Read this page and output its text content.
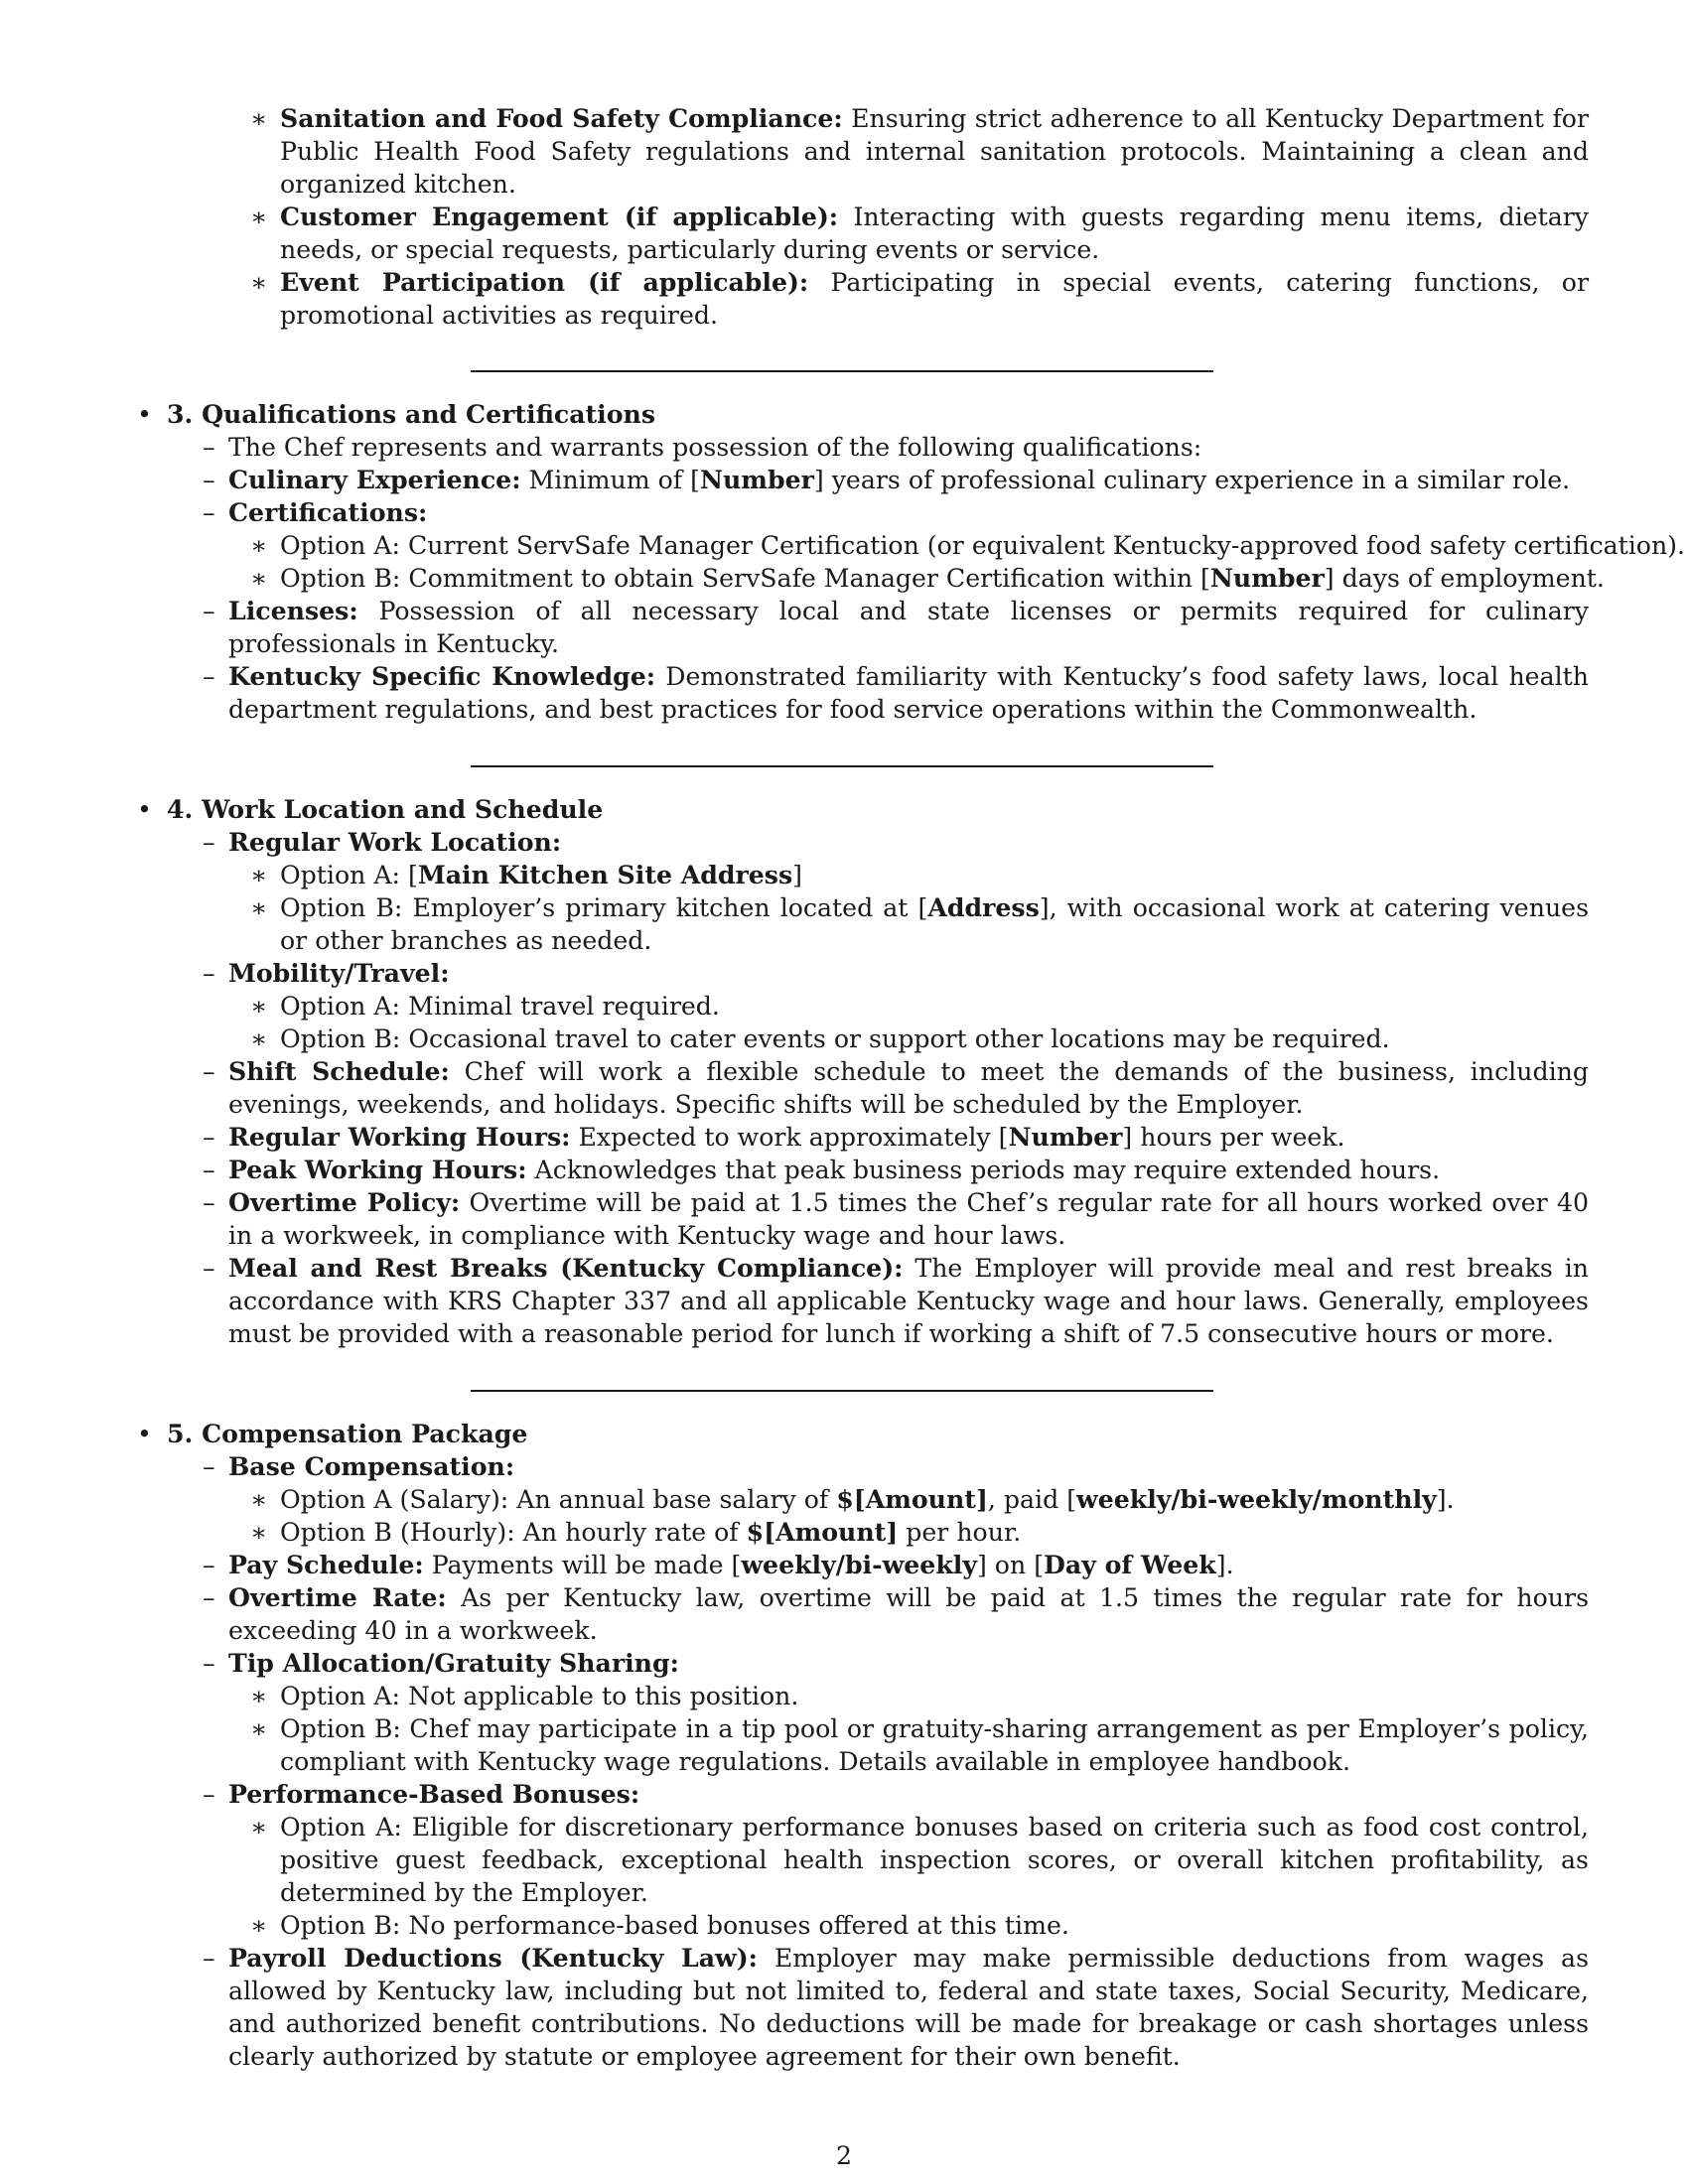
∗ Sanitation and Food Safety Compliance: Ensuring strict adherence to all Kentucky Department for Public Health Food Safety regulations and internal sanitation protocols. Maintaining a clean and organized kitchen.
∗ Customer Engagement (if applicable): Interacting with guests regarding menu items, dietary needs, or special requests, particularly during events or service.
∗ Event Participation (if applicable): Participating in special events, catering functions, or promotional activities as required.
• 3. Qualifications and Certifications
– The Chef represents and warrants possession of the following qualifications:
– Culinary Experience: Minimum of [Number] years of professional culinary experience in a similar role.
– Certifications:
∗ Option A: Current ServSafe Manager Certification (or equivalent Kentucky-approved food safety certification).
∗ Option B: Commitment to obtain ServSafe Manager Certification within [Number] days of employment.
– Licenses: Possession of all necessary local and state licenses or permits required for culinary professionals in Kentucky.
– Kentucky Specific Knowledge: Demonstrated familiarity with Kentucky’s food safety laws, local health department regulations, and best practices for food service operations within the Commonwealth.
• 4. Work Location and Schedule
– Regular Work Location:
∗ Option A: [Main Kitchen Site Address]
∗ Option B: Employer’s primary kitchen located at [Address], with occasional work at catering venues or other branches as needed.
– Mobility/Travel:
∗ Option A: Minimal travel required.
∗ Option B: Occasional travel to cater events or support other locations may be required.
– Shift Schedule: Chef will work a flexible schedule to meet the demands of the business, including evenings, weekends, and holidays. Specific shifts will be scheduled by the Employer.
– Regular Working Hours: Expected to work approximately [Number] hours per week.
– Peak Working Hours: Acknowledges that peak business periods may require extended hours.
– Overtime Policy: Overtime will be paid at 1.5 times the Chef’s regular rate for all hours worked over 40 in a workweek, in compliance with Kentucky wage and hour laws.
– Meal and Rest Breaks (Kentucky Compliance): The Employer will provide meal and rest breaks in accordance with KRS Chapter 337 and all applicable Kentucky wage and hour laws. Generally, employees must be provided with a reasonable period for lunch if working a shift of 7.5 consecutive hours or more.
• 5. Compensation Package
– Base Compensation:
∗ Option A (Salary): An annual base salary of $[Amount], paid [weekly/bi-weekly/monthly].
∗ Option B (Hourly): An hourly rate of $[Amount] per hour.
– Pay Schedule: Payments will be made [weekly/bi-weekly] on [Day of Week].
– Overtime Rate: As per Kentucky law, overtime will be paid at 1.5 times the regular rate for hours exceeding 40 in a workweek.
– Tip Allocation/Gratuity Sharing:
∗ Option A: Not applicable to this position.
∗ Option B: Chef may participate in a tip pool or gratuity-sharing arrangement as per Employer’s policy, compliant with Kentucky wage regulations. Details available in employee handbook.
– Performance-Based Bonuses:
∗ Option A: Eligible for discretionary performance bonuses based on criteria such as food cost control, positive guest feedback, exceptional health inspection scores, or overall kitchen profitability, as determined by the Employer.
∗ Option B: No performance-based bonuses offered at this time.
– Payroll Deductions (Kentucky Law): Employer may make permissible deductions from wages as allowed by Kentucky law, including but not limited to, federal and state taxes, Social Security, Medicare, and authorized benefit contributions. No deductions will be made for breakage or cash shortages unless clearly authorized by statute or employee agreement for their own benefit.
2
